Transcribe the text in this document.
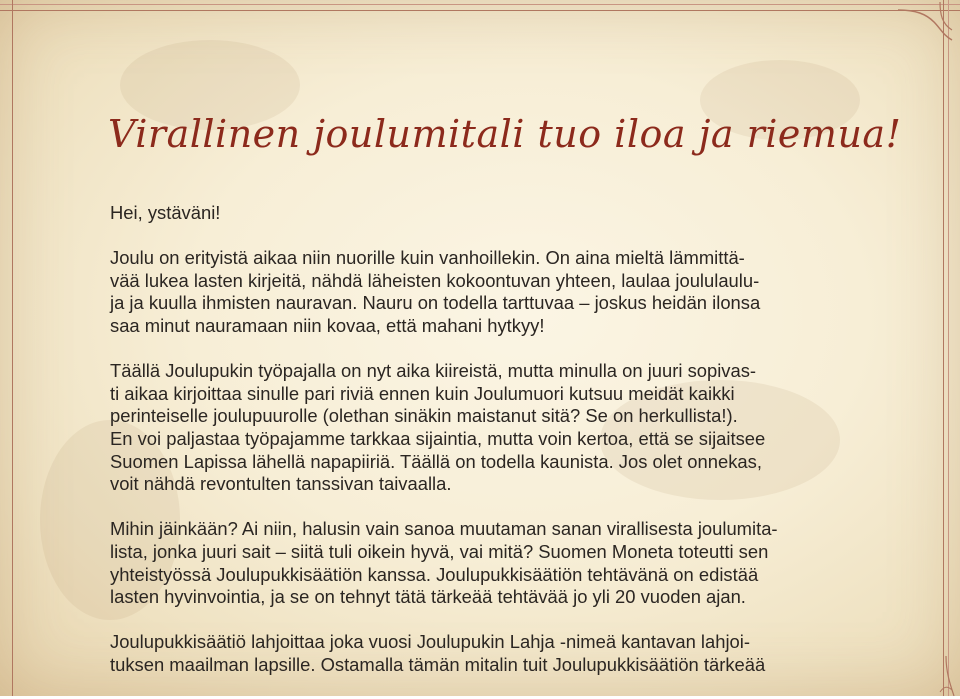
Virallinen joulumitali tuo iloa ja riemua!

Hei, ystäväni!

Joulu on erityistä aikaa niin nuorille kuin vanhoillekin. On aina mieltä lämmittä-
vää lukea lasten kirjeitä, nähdä läheisten kokoontuvan yhteen, laulaa joululaulu-
ja ja kuulla ihmisten nauravan. Nauru on todella tarttuvaa – joskus heidän ilonsa
saa minut nauramaan niin kovaa, että mahani hytkyy!

Täällä Joulupukin työpajalla on nyt aika kiireistä, mutta minulla on juuri sopivas-
ti aikaa kirjoittaa sinulle pari riviä ennen kuin Joulumuori kutsuu meidät kaikki
perinteiselle joulupuurolle (olethan sinäkin maistanut sitä? Se on herkullista!).
En voi paljastaa työpajamme tarkkaa sijaintia, mutta voin kertoa, että se sijaitsee
Suomen Lapissa lähellä napapiiriä. Täällä on todella kaunista. Jos olet onnekas,
voit nähdä revontulten tanssivan taivaalla.

Mihin jäinkään? Ai niin, halusin vain sanoa muutaman sanan virallisesta joulumita-
lista, jonka juuri sait – siitä tuli oikein hyvä, vai mitä? Suomen Moneta toteutti sen
yhteistyössä Joulupukkisäätiön kanssa. Joulupukkisäätiön tehtävänä on edistää
lasten hyvinvointia, ja se on tehnyt tätä tärkeää tehtävää jo yli 20 vuoden ajan.

Joulupukkisäätiö lahjoittaa joka vuosi Joulupukin Lahja -nimeä kantavan lahjoi-
tuksen maailman lapsille. Ostamalla tämän mitalin tuit Joulupukkisäätiön tärkeää
